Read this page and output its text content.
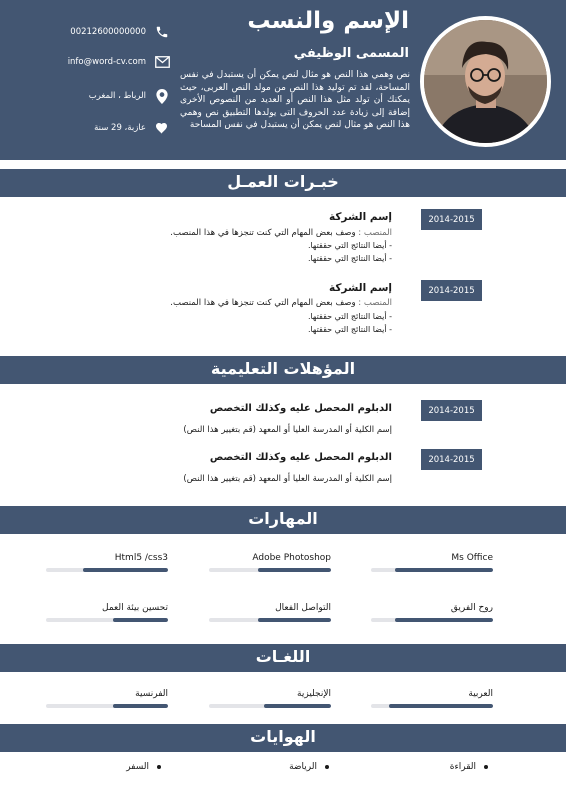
الإسم والنسب
المسمى الوظيفي
نص وهمي هذا النص هو مثال لنص يمكن أن يستبدل في نفس المساحة، لقد تم توليد هذا النص من مولد النص العربى، حيث يمكنك أن تولد مثل هذا النص أو العديد من النصوص الأخرى إضافة إلى زيادة عدد الحروف التى يولدها التطبيق نص وهمي هذا النص هو مثال لنص يمكن أن يستبدل في نفس المساحة
00212600000000
info@word-cv.com
الرباط ، المغرب
عازبة، 29 سنة
خبـرات العمـل
2014-2015
إسم الشركة
المنصب : وصف بعض المهام التي كنت تنجزها في هذا المنصب.
- أيضا النتائج التي حققتها.
- أيضا النتائج التي حققتها.
2014-2015
إسم الشركة
المنصب : وصف بعض المهام التي كنت تنجزها في هذا المنصب.
- أيضا النتائج التي حققتها.
- أيضا النتائج التي حققتها.
المؤهلات التعليمية
2014-2015
الدبلوم المحصل عليه وكذلك التخصص
إسم الكلية أو المدرسة العليا أو المعهد (قم بتغيير هذا النص)
2014-2015
الدبلوم المحصل عليه وكذلك التخصص
إسم الكلية أو المدرسة العليا أو المعهد (قم بتغيير هذا النص)
المهارات
Ms Office
Adobe Photoshop
Html5 /css3
روح الفريق
التواصل الفعال
تحسين بيئة العمل
اللغـات
العربية
الإنجليزية
الفرنسية
الهوايات
القراءة
الرياضة
السفر
